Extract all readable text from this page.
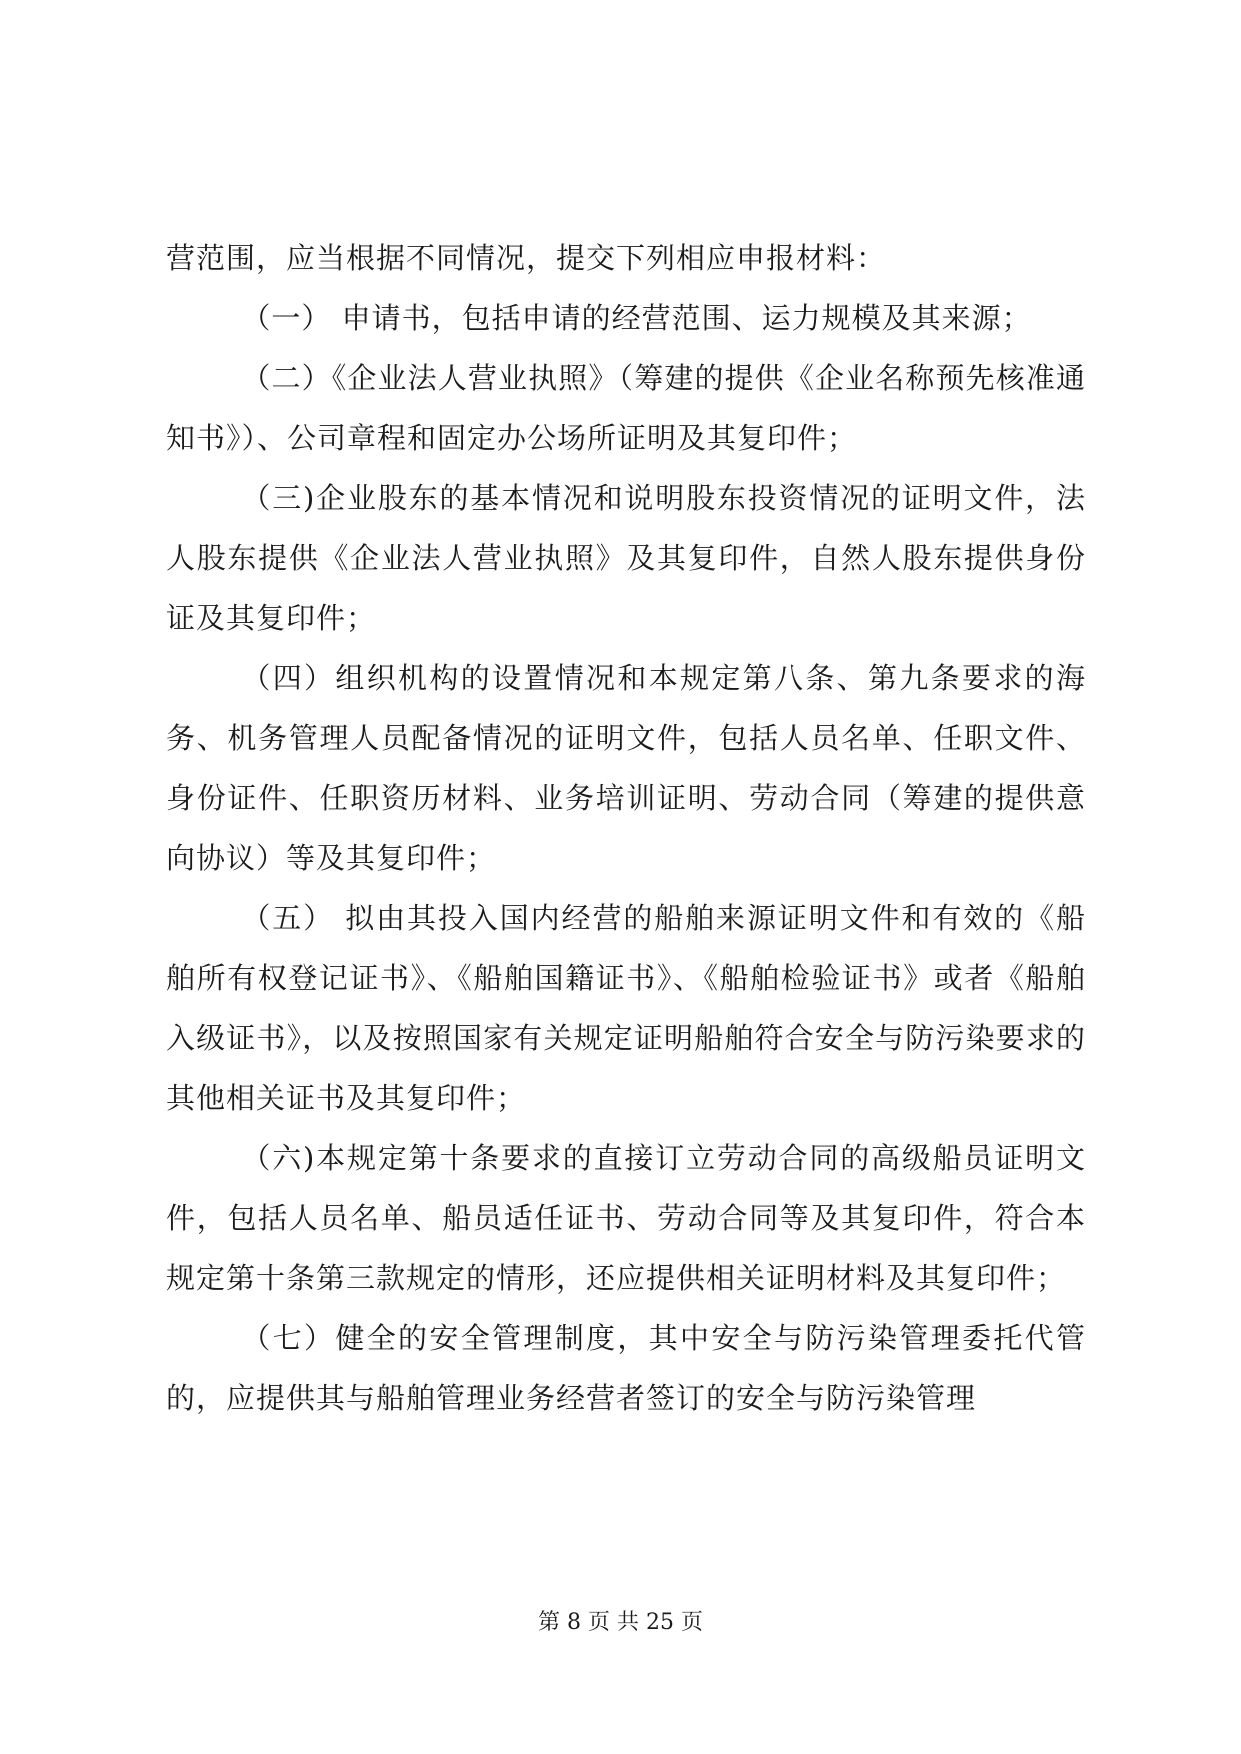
营范围，应当根据不同情况，提交下列相应申报材料：

（一） 申请书，包括申请的经营范围、运力规模及其来源；

（二）《企业法人营业执照》（筹建的提供《企业名称预先核准通知书》）、公司章程和固定办公场所证明及其复印件；

（三)企业股东的基本情况和说明股东投资情况的证明文件，法人股东提供《企业法人营业执照》及其复印件，自然人股东提供身份证及其复印件；

（四）组织机构的设置情况和本规定第八条、第九条要求的海务、机务管理人员配备情况的证明文件，包括人员名单、任职文件、身份证件、任职资历材料、业务培训证明、劳动合同（筹建的提供意向协议）等及其复印件；

（五） 拟由其投入国内经营的船舶来源证明文件和有效的《船舶所有权登记证书》、《船舶国籍证书》、《船舶检验证书》或者《船舶入级证书》，以及按照国家有关规定证明船舶符合安全与防污染要求的其他相关证书及其复印件；

（六)本规定第十条要求的直接订立劳动合同的高级船员证明文件，包括人员名单、船员适任证书、劳动合同等及其复印件，符合本规定第十条第三款规定的情形，还应提供相关证明材料及其复印件；

（七）健全的安全管理制度，其中安全与防污染管理委托代管的，应提供其与船舶管理业务经营者签订的安全与防污染管理

第 8 页 共 25 页
